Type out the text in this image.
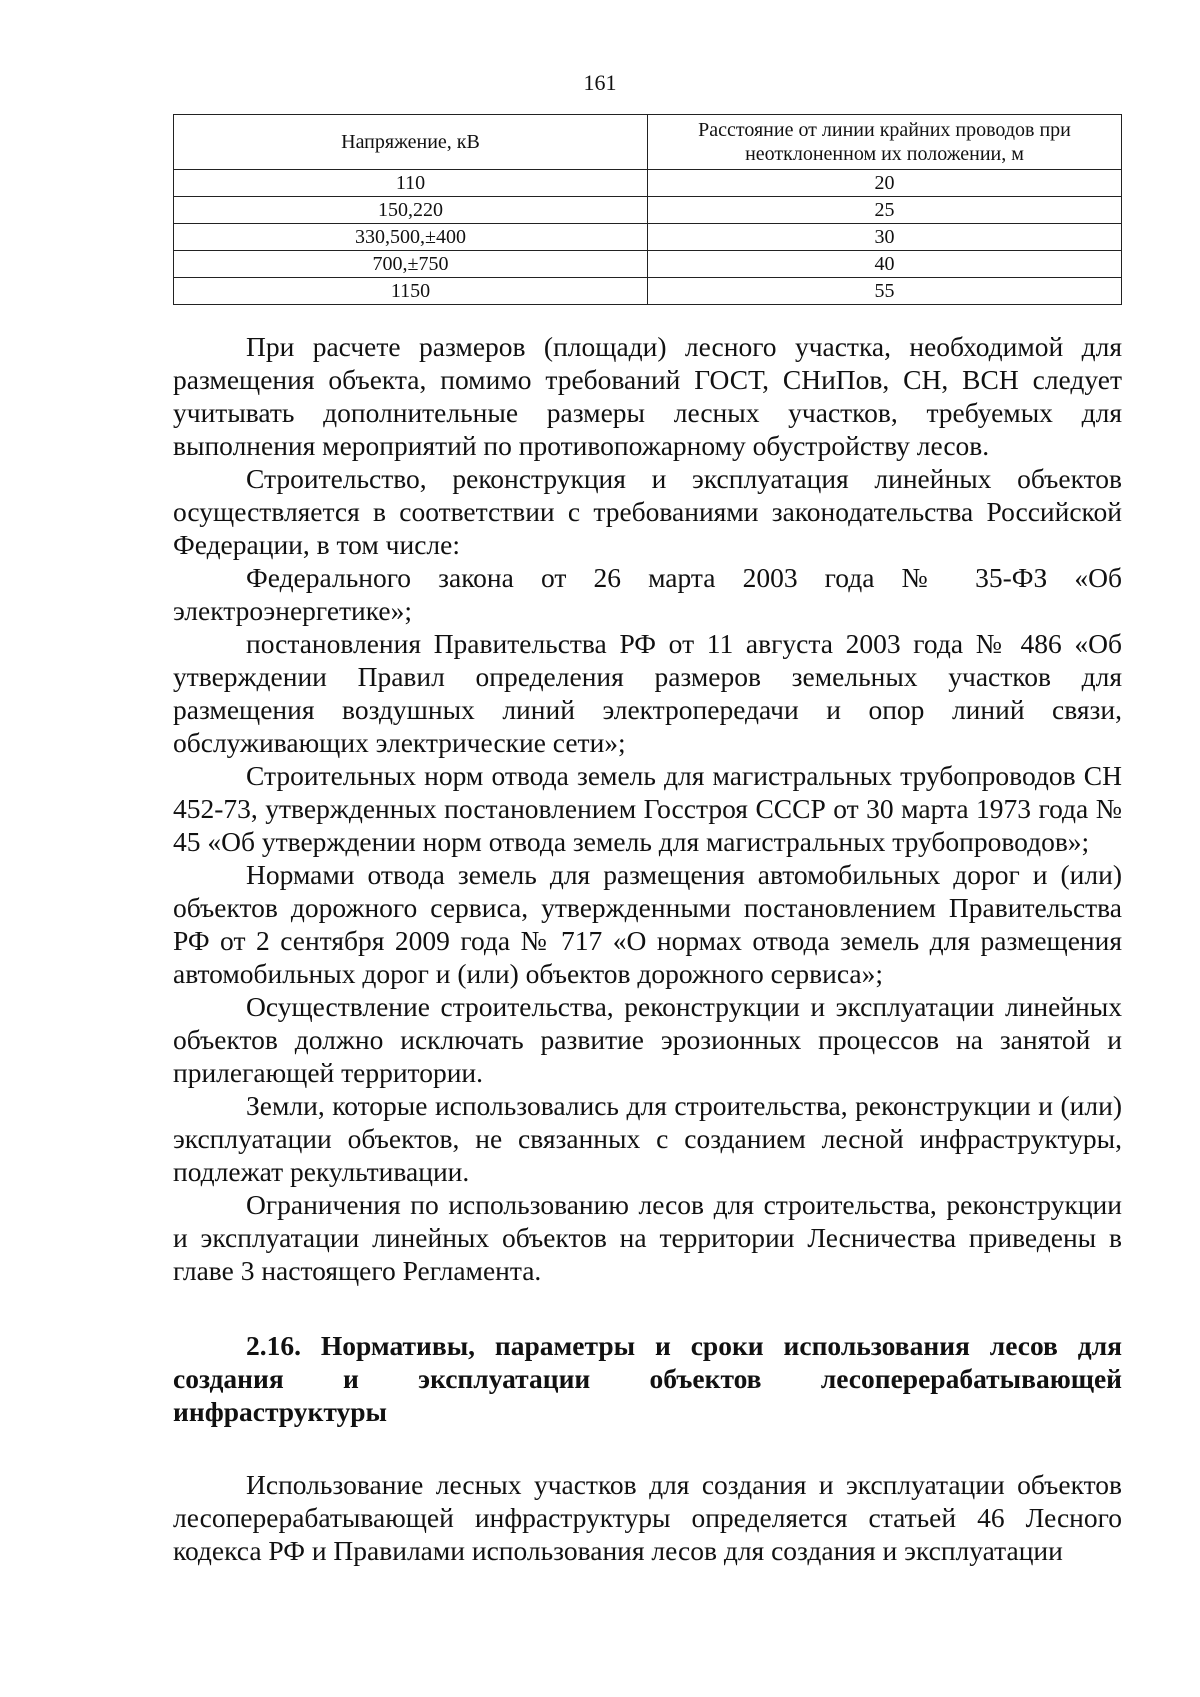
161
Напряжение, кВ	Расстояние от линии крайних проводов при неотклоненном их положении, м
110	20
150,220	25
330,500,±400	30
700,±750	40
1150	55

При расчете размеров (площади) лесного участка, необходимой для размещения объекта, помимо требований ГОСТ, СНиПов, СН, ВСН следует учитывать дополнительные размеры лесных участков, требуемых для выполнения мероприятий по противопожарному обустройству лесов.

Строительство, реконструкция и эксплуатация линейных объектов осуществляется в соответствии с требованиями законодательства Российской Федерации, в том числе:

Федерального закона от 26 марта 2003 года № 35-ФЗ «Об электроэнергетике»;

постановления Правительства РФ от 11 августа 2003 года № 486 «Об утверждении Правил определения размеров земельных участков для размещения воздушных линий электропередачи и опор линий связи, обслуживающих электрические сети»;

Строительных норм отвода земель для магистральных трубопроводов СН 452-73, утвержденных постановлением Госстроя СССР от 30 марта 1973 года № 45 «Об утверждении норм отвода земель для магистральных трубопроводов»;

Нормами отвода земель для размещения автомобильных дорог и (или) объектов дорожного сервиса, утвержденными постановлением Правительства РФ от 2 сентября 2009 года № 717 «О нормах отвода земель для размещения автомобильных дорог и (или) объектов дорожного сервиса»;

Осуществление строительства, реконструкции и эксплуатации линейных объектов должно исключать развитие эрозионных процессов на занятой и прилегающей территории.

Земли, которые использовались для строительства, реконструкции и (или) эксплуатации объектов, не связанных с созданием лесной инфраструктуры, подлежат рекультивации.

Ограничения по использованию лесов для строительства, реконструкции и эксплуатации линейных объектов на территории Лесничества приведены в главе 3 настоящего Регламента.

2.16. Нормативы, параметры и сроки использования лесов для создания и эксплуатации объектов лесоперерабатывающей инфраструктуры

Использование лесных участков для создания и эксплуатации объектов лесоперерабатывающей инфраструктуры определяется статьей 46 Лесного кодекса РФ и Правилами использования лесов для создания и эксплуатации
